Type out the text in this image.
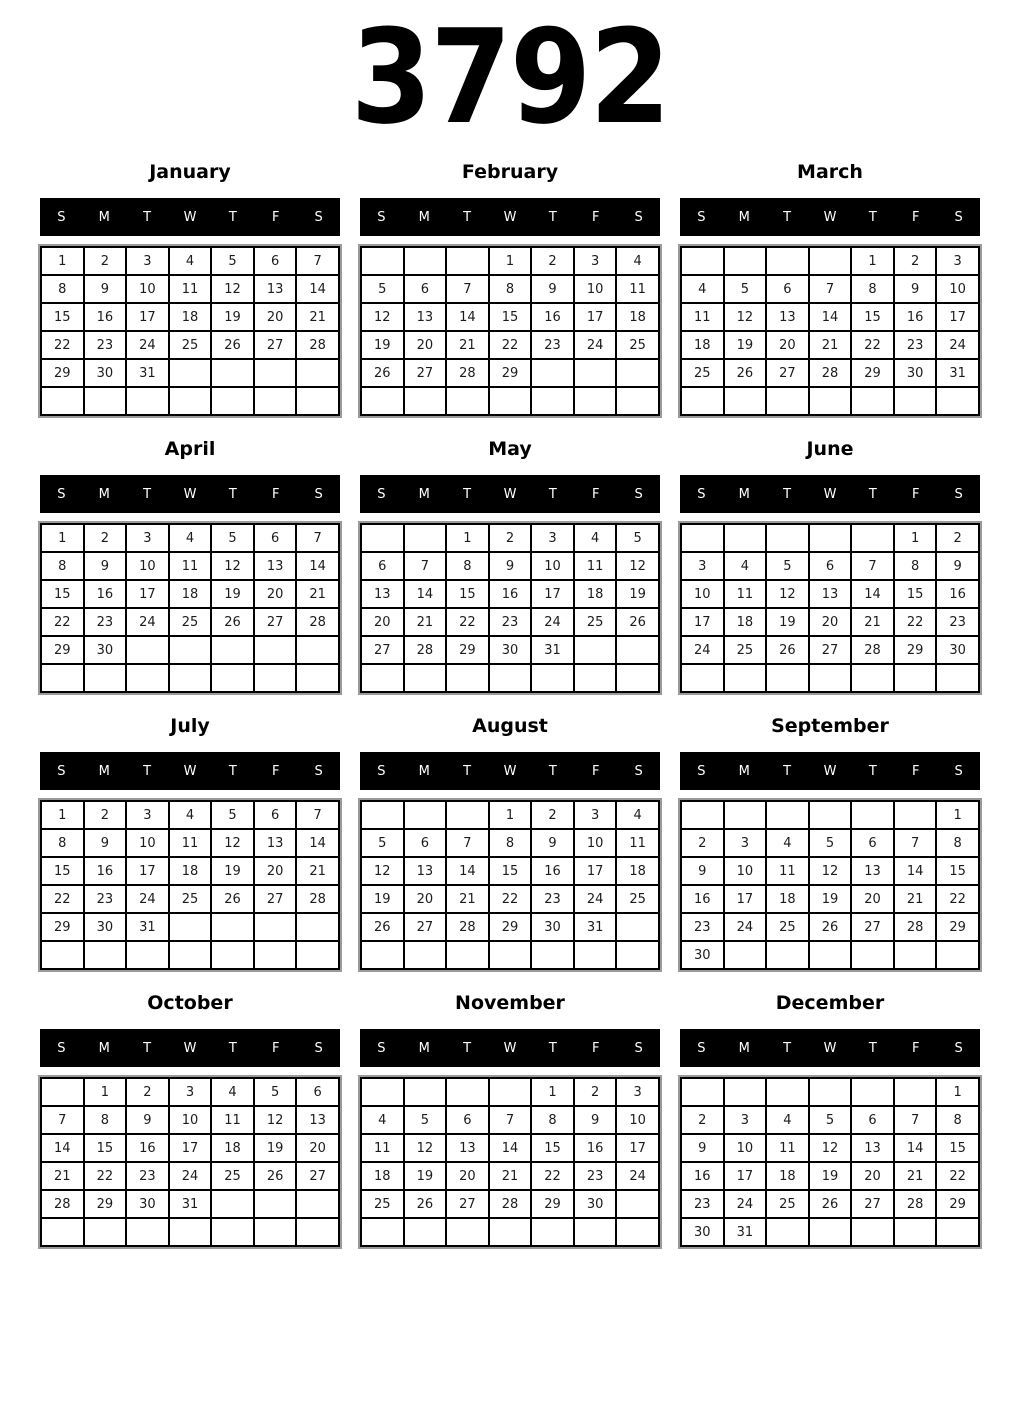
3792
January
S	M	T	W	T	F	S
1	2	3	4	5	6	7
8	9	10	11	12	13	14
15	16	17	18	19	20	21
22	23	24	25	26	27	28
29	30	31				

February
S	M	T	W	T	F	S
			1	2	3	4
5	6	7	8	9	10	11
12	13	14	15	16	17	18
19	20	21	22	23	24	25
26	27	28	29			

March
S	M	T	W	T	F	S
				1	2	3
4	5	6	7	8	9	10
11	12	13	14	15	16	17
18	19	20	21	22	23	24
25	26	27	28	29	30	31

April
S	M	T	W	T	F	S
1	2	3	4	5	6	7
8	9	10	11	12	13	14
15	16	17	18	19	20	21
22	23	24	25	26	27	28
29	30					

May
S	M	T	W	T	F	S
		1	2	3	4	5
6	7	8	9	10	11	12
13	14	15	16	17	18	19
20	21	22	23	24	25	26
27	28	29	30	31		

June
S	M	T	W	T	F	S
					1	2
3	4	5	6	7	8	9
10	11	12	13	14	15	16
17	18	19	20	21	22	23
24	25	26	27	28	29	30

July
S	M	T	W	T	F	S
1	2	3	4	5	6	7
8	9	10	11	12	13	14
15	16	17	18	19	20	21
22	23	24	25	26	27	28
29	30	31				

August
S	M	T	W	T	F	S
			1	2	3	4
5	6	7	8	9	10	11
12	13	14	15	16	17	18
19	20	21	22	23	24	25
26	27	28	29	30	31	

September
S	M	T	W	T	F	S
						1
2	3	4	5	6	7	8
9	10	11	12	13	14	15
16	17	18	19	20	21	22
23	24	25	26	27	28	29
30						
October
S	M	T	W	T	F	S
	1	2	3	4	5	6
7	8	9	10	11	12	13
14	15	16	17	18	19	20
21	22	23	24	25	26	27
28	29	30	31			

November
S	M	T	W	T	F	S
				1	2	3
4	5	6	7	8	9	10
11	12	13	14	15	16	17
18	19	20	21	22	23	24
25	26	27	28	29	30	

December
S	M	T	W	T	F	S
						1
2	3	4	5	6	7	8
9	10	11	12	13	14	15
16	17	18	19	20	21	22
23	24	25	26	27	28	29
30	31					
